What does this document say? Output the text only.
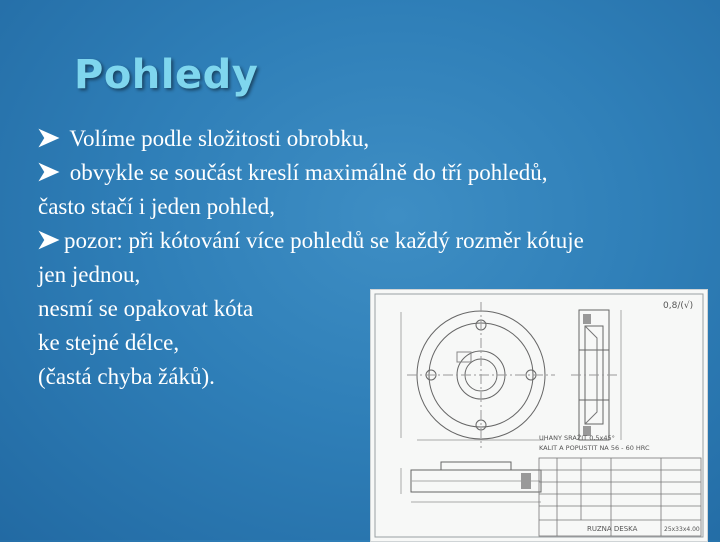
Pohledy
Volíme podle složitosti obrobku,
obvykle se součást kreslí maximálně do tří pohledů, často stačí i jeden pohled,
pozor: při kótování více pohledů se každý rozměr kótuje jen jednou,
nesmí se opakovat kóta
ke stejné délce,
(častá chyba žáků).
0,8/(√)
UHANY SRAŽIT 0,5x45°
KALIT A POPUSTIT NA 56 - 60 HRC
RUZNA DESKA	25x33x4.00
